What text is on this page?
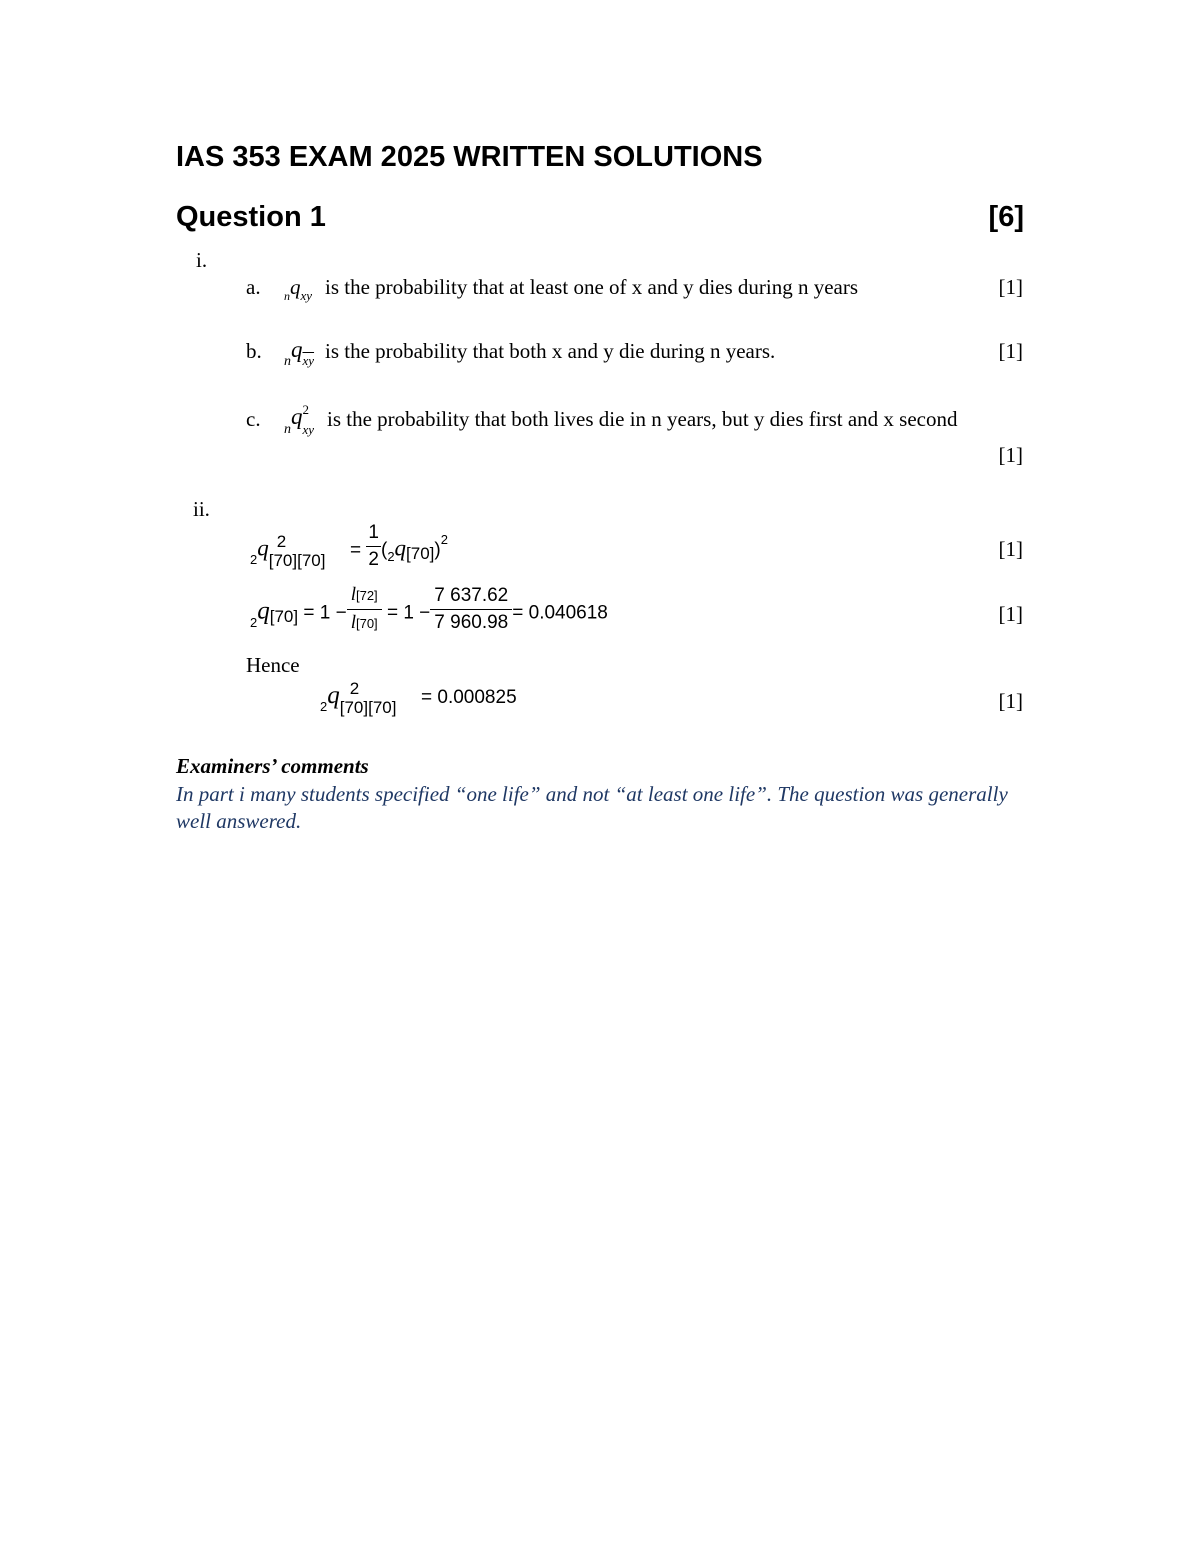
IAS 353 EXAM 2025 WRITTEN SOLUTIONS
Question 1	[6]
i.
a. $_nq_{xy}$ is the probability that at least one of x and y dies during n years	[1]
b. $_nq_{\overline{xy}}$ is the probability that both x and y die during n years.	[1]
c. $_n$q 2
xy is the probability that both lives die in n years, but y dies first and x second
[1]
ii.
$_2$q 2
$[70][70] = \frac{1}{2} (_2q[70])^2$	[1]
$_2q[70] = 1 - \frac{l[72]}{l[70]} = 1 - \frac{7 637.62}{7 960.98} = 0.040618$	[1]
Hence
$_2$q 2
[70][70] = 0.000825	[1]
Examiners’ comments
In part i many students specified “one life” and not “at least one life”. The question was generally well answered.
